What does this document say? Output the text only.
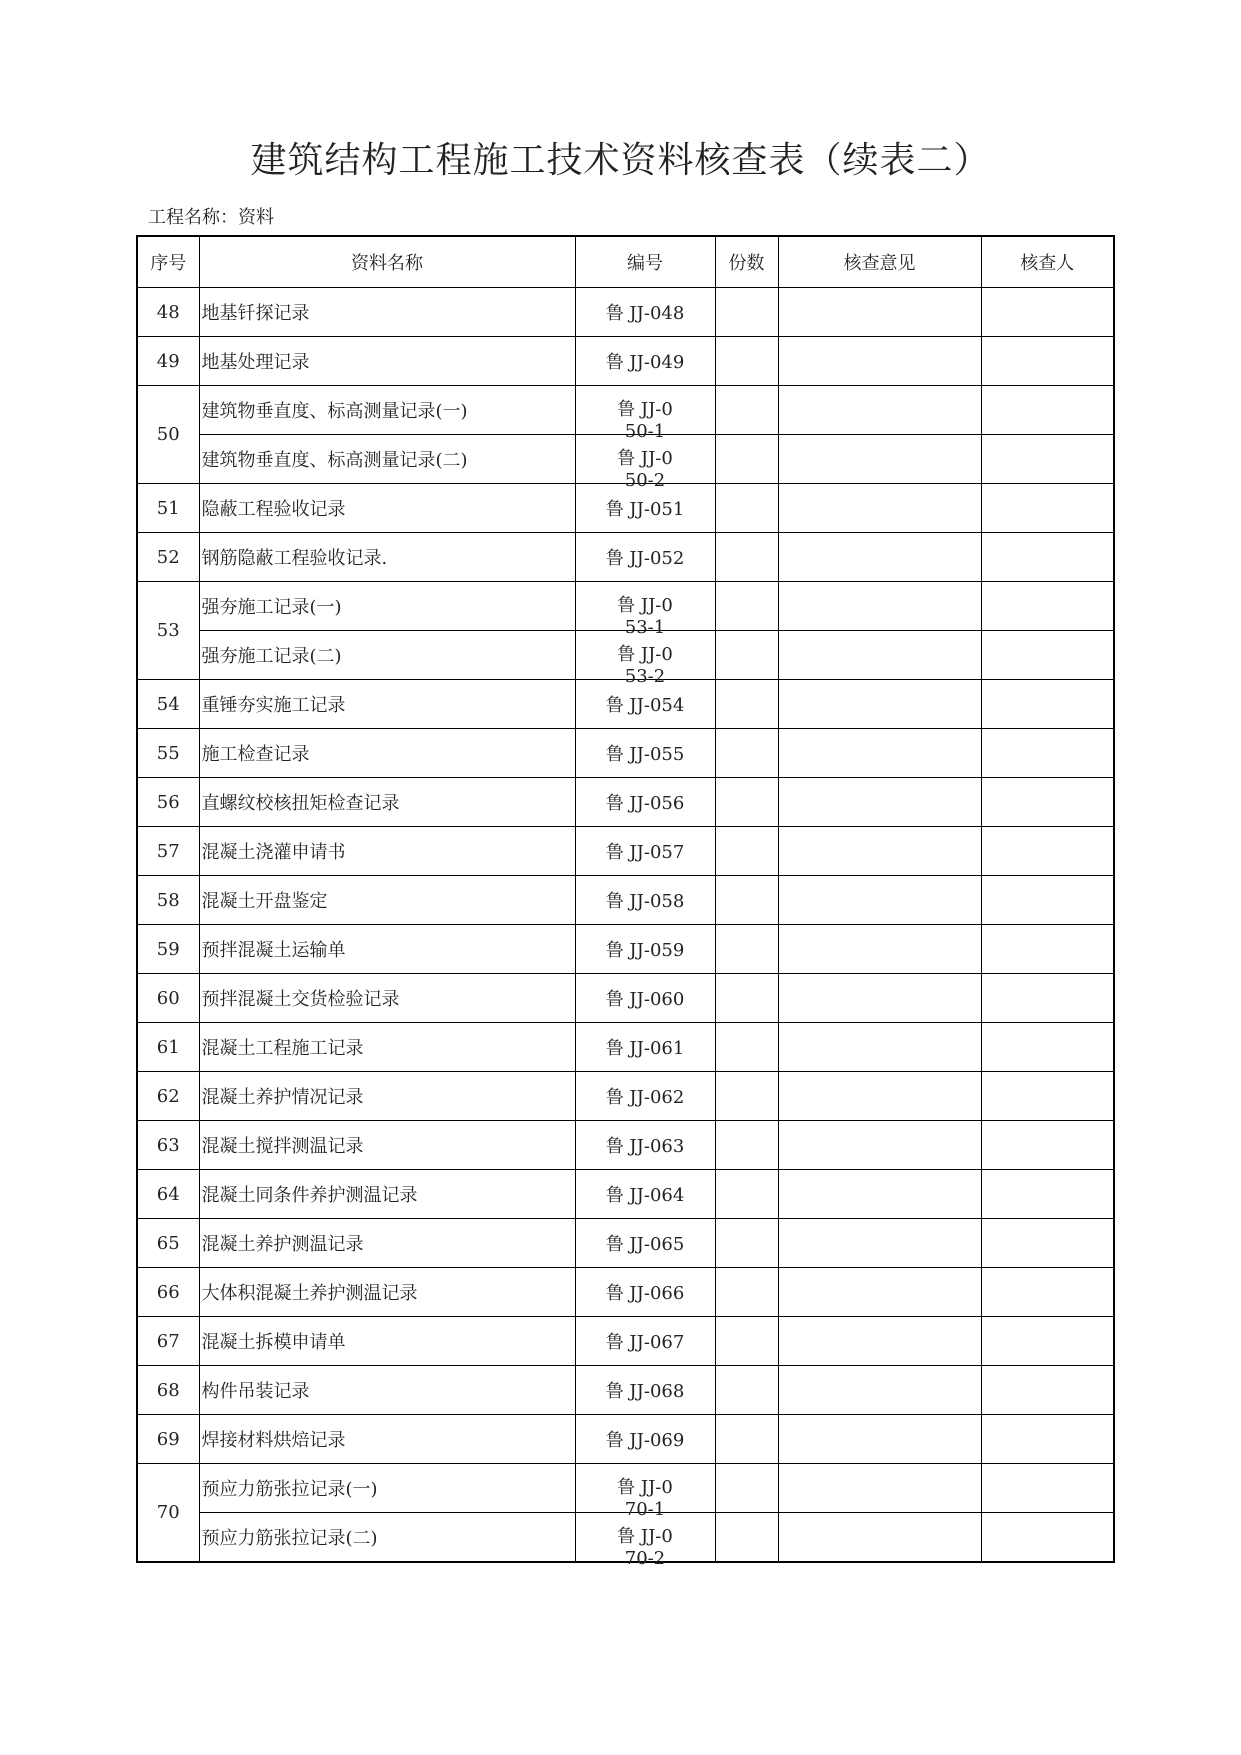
建筑结构工程施工技术资料核查表（续表二）
工程名称：资料
序号	资料名称	编号	份数	核查意见	核查人
48	地基钎探记录	鲁 JJ-048			
49	地基处理记录	鲁 JJ-049			
50	建筑物垂直度、标高测量记录(一)	鲁 JJ-050-1			

	建筑物垂直度、标高测量记录(二)	鲁 JJ-050-2			

51	隐蔽工程验收记录	鲁 JJ-051			
52	钢筋隐蔽工程验收记录.	鲁 JJ-052			
53	强夯施工记录(一)	鲁 JJ-053-1			

	强夯施工记录(二)	鲁 JJ-053-2			

54	重锤夯实施工记录	鲁 JJ-054			
55	施工检查记录	鲁 JJ-055			
56	直螺纹校核扭矩检查记录	鲁 JJ-056			
57	混凝土浇灌申请书	鲁 JJ-057			
58	混凝土开盘鉴定	鲁 JJ-058			
59	预拌混凝土运输单	鲁 JJ-059			
60	预拌混凝土交货检验记录	鲁 JJ-060			
61	混凝土工程施工记录	鲁 JJ-061			
62	混凝土养护情况记录	鲁 JJ-062			
63	混凝土搅拌测温记录	鲁 JJ-063			
64	混凝土同条件养护测温记录	鲁 JJ-064			
65	混凝土养护测温记录	鲁 JJ-065			
66	大体积混凝土养护测温记录	鲁 JJ-066			
67	混凝土拆模申请单	鲁 JJ-067			
68	构件吊装记录	鲁 JJ-068			
69	焊接材料烘焙记录	鲁 JJ-069			
70	预应力筋张拉记录(一)	鲁 JJ-070-1			

	预应力筋张拉记录(二)	鲁 JJ-070-2			
